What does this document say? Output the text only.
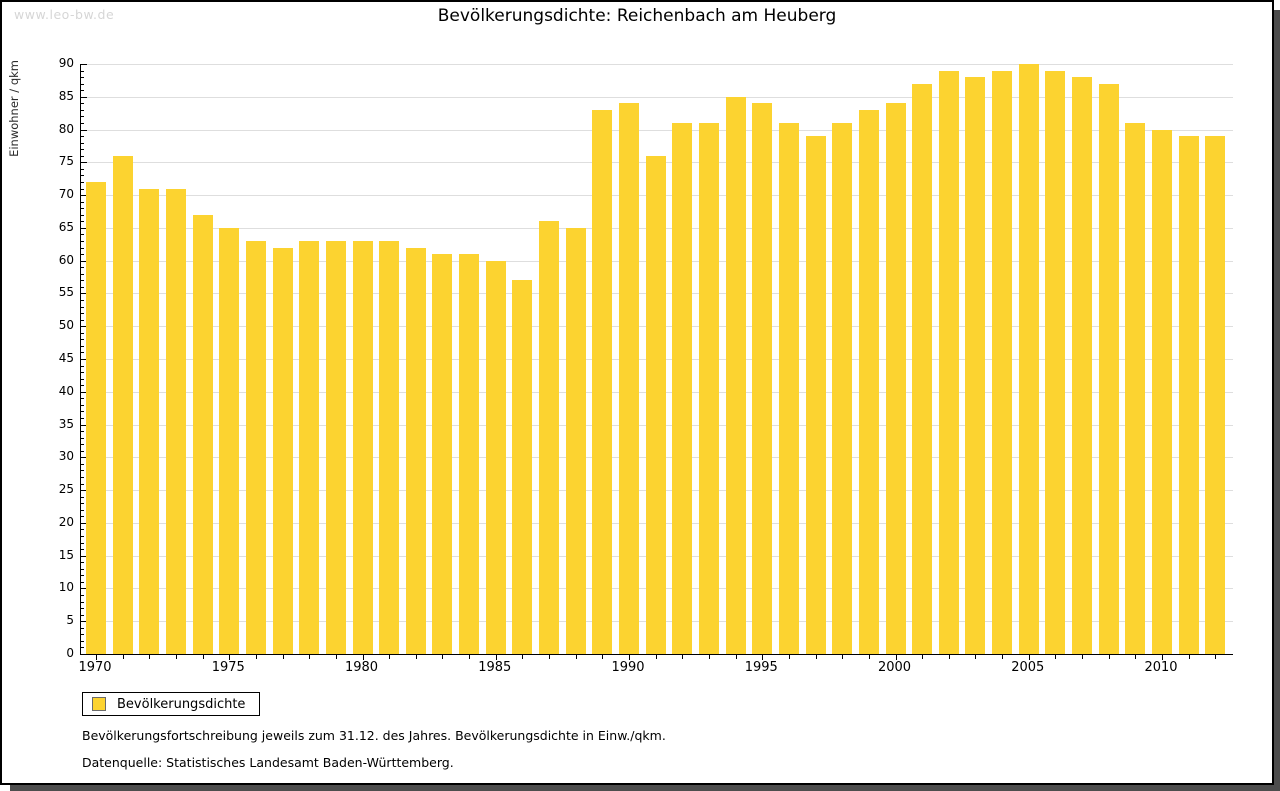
www.leo-bw.de	Bevölkerungsdichte: Reichenbach am Heuberg
Einwohner / qkm
0
5
10
15
20
25
30
35
40
45
50
55
60
65
70
75
80
85
90
1970	1975	1980	1985	1990	1995	2000	2005	2010
Bevölkerungsdichte
Bevölkerungsfortschreibung jeweils zum 31.12. des Jahres. Bevölkerungsdichte in Einw./qkm.
Datenquelle: Statistisches Landesamt Baden-Württemberg.
